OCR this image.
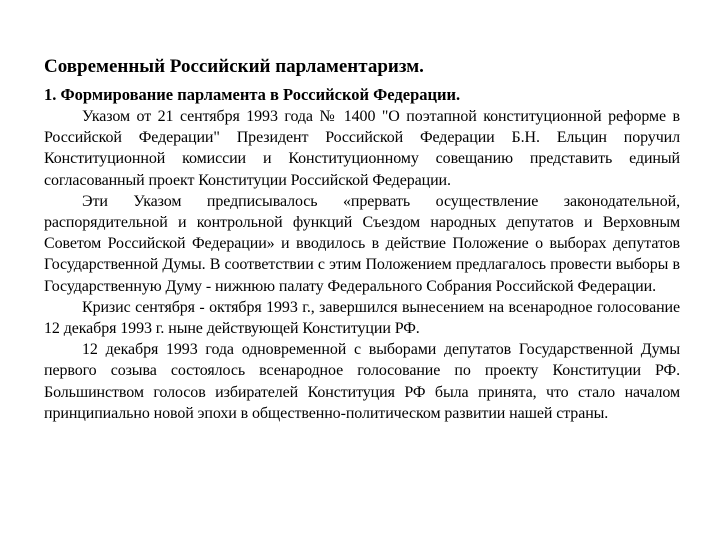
Современный Российский парламентаризм.
1. Формирование парламента в Российской Федерации.

Указом от 21 сентября 1993 года № 1400 "О поэтапной конституционной реформе в Российской Федерации" Президент Российской Федерации Б.Н. Ельцин поручил Конституционной комиссии и Конституционному совещанию представить единый согласованный проект Конституции Российской Федерации.

Эти Указом предписывалось «прервать осуществление законодательной, распорядительной и контрольной функций Съездом народных депутатов и Верховным Советом Российской Федерации» и вводилось в действие Положение о выборах депутатов Государственной Думы. В соответствии с этим Положением предлагалось провести выборы в Государственную Думу - нижнюю палату Федерального Собрания Российской Федерации.

Кризис сентября - октября 1993 г., завершился вынесением на всенародное голосование 12 декабря 1993 г. ныне действующей Конституции РФ.

12 декабря 1993 года одновременной с выборами депутатов Государственной Думы первого созыва состоялось всенародное голосование по проекту Конституции РФ. Большинством голосов избирателей Конституция РФ была принята, что стало началом принципиально новой эпохи в общественно-политическом развитии нашей страны.
